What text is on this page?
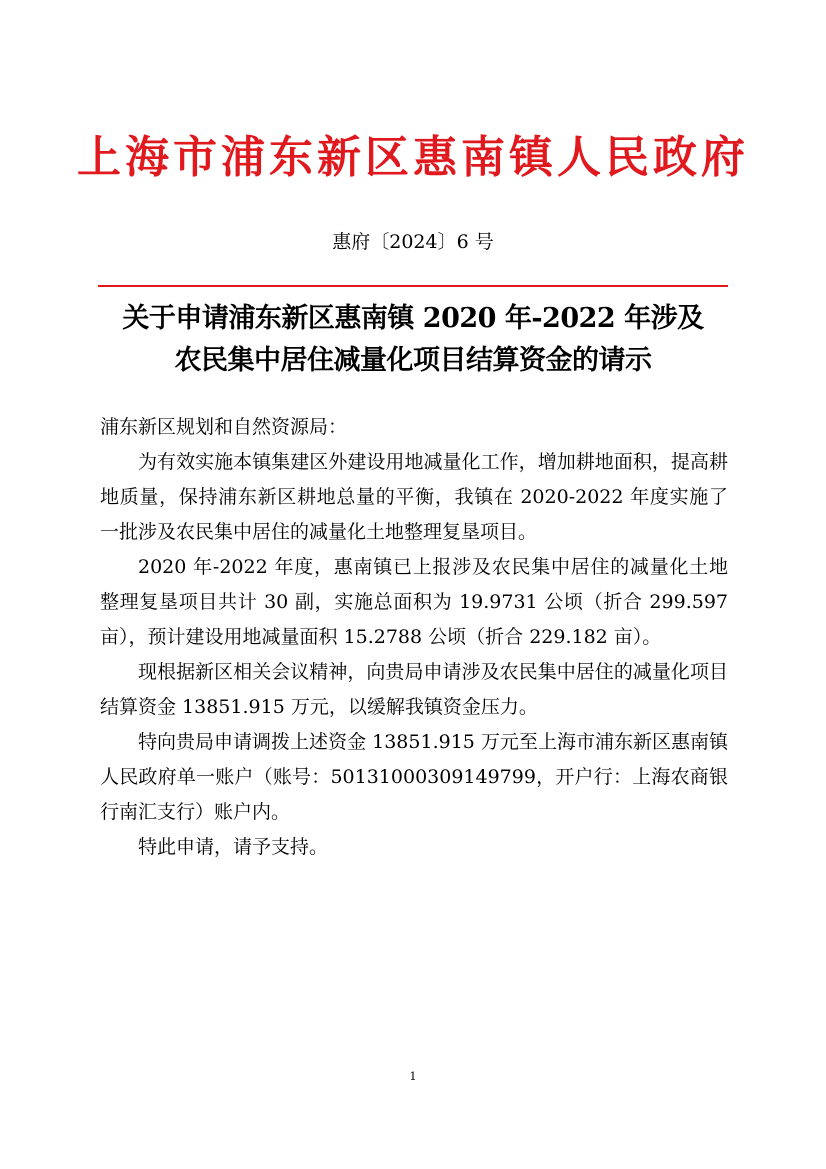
上海市浦东新区惠南镇人民政府
惠府〔2024〕6 号
关于申请浦东新区惠南镇 2020 年-2022 年涉及
农民集中居住减量化项目结算资金的请示

浦东新区规划和自然资源局：

为有效实施本镇集建区外建设用地减量化工作，增加耕地面积，提高耕地质量，保持浦东新区耕地总量的平衡，我镇在 2020-2022 年度实施了一批涉及农民集中居住的减量化土地整理复垦项目。

2020 年-2022 年度，惠南镇已上报涉及农民集中居住的减量化土地整理复垦项目共计 30 副，实施总面积为 19.9731 公顷（折合 299.597 亩），预计建设用地减量面积 15.2788 公顷（折合 229.182 亩）。

现根据新区相关会议精神，向贵局申请涉及农民集中居住的减量化项目结算资金 13851.915 万元，以缓解我镇资金压力。

特向贵局申请调拨上述资金 13851.915 万元至上海市浦东新区惠南镇人民政府单一账户（账号：50131000309149799，开户行：上海农商银行南汇支行）账户内。

特此申请，请予支持。

1
